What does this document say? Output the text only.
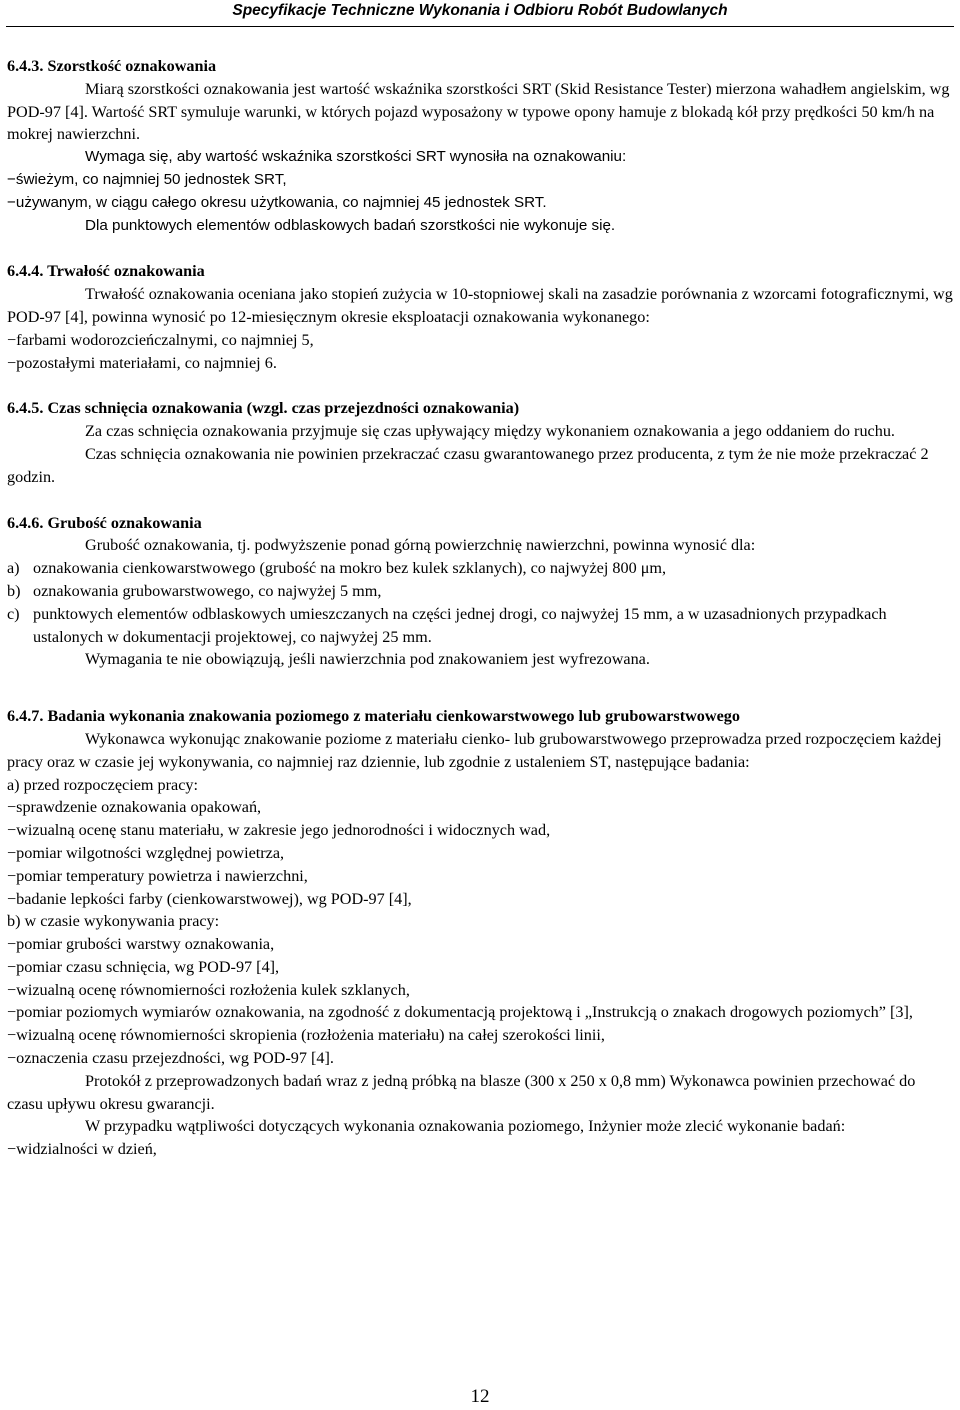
Specyfikacje Techniczne Wykonania i Odbioru Robót Budowlanych

6.4.3. Szorstkość oznakowania

Miarą szorstkości oznakowania jest wartość wskaźnika szorstkości SRT (Skid Resistance Tester) mierzona wahadłem angielskim, wg POD-97 [4]. Wartość SRT symuluje warunki, w których pojazd wyposażony w typowe opony hamuje z blokadą kół przy prędkości 50 km/h na mokrej nawierzchni.

Wymaga się, aby wartość wskaźnika szorstkości SRT wynosiła na oznakowaniu:

− świeżym, co najmniej 50 jednostek SRT,

− używanym, w ciągu całego okresu użytkowania, co najmniej 45 jednostek SRT.

Dla punktowych elementów odblaskowych badań szorstkości nie wykonuje się.

6.4.4. Trwałość oznakowania

Trwałość oznakowania oceniana jako stopień zużycia w 10-stopniowej skali na zasadzie porównania z wzorcami fotograficznymi, wg POD-97 [4], powinna wynosić po 12-miesięcznym okresie eksploatacji oznakowania wykonanego:

− farbami wodorozcieńczalnymi, co najmniej 5,

− pozostałymi materiałami, co najmniej 6.

6.4.5. Czas schnięcia oznakowania (wzgl. czas przejezdności oznakowania)

Za czas schnięcia oznakowania przyjmuje się czas upływający między wykonaniem oznakowania a jego oddaniem do ruchu.

Czas schnięcia oznakowania nie powinien przekraczać czasu gwarantowanego przez producenta, z tym że nie może przekraczać 2 godzin.

6.4.6. Grubość oznakowania

Grubość oznakowania, tj. podwyższenie ponad górną powierzchnię nawierzchni, powinna wynosić dla:

a) oznakowania cienkowarstwowego (grubość na mokro bez kulek szklanych), co najwyżej 800 μm,

b) oznakowania grubowarstwowego, co najwyżej 5 mm,

c) punktowych elementów odblaskowych umieszczanych na części jednej drogi, co najwyżej 15 mm, a w uzasadnionych przypadkach ustalonych w dokumentacji projektowej, co najwyżej 25 mm.

Wymagania te nie obowiązują, jeśli nawierzchnia pod znakowaniem jest wyfrezowana.

6.4.7. Badania wykonania znakowania poziomego z materiału cienkowarstwowego lub grubowarstwowego

Wykonawca wykonując znakowanie poziome z materiału cienko- lub grubowarstwowego przeprowadza przed rozpoczęciem każdej pracy oraz w czasie jej wykonywania, co najmniej raz dziennie, lub zgodnie z ustaleniem ST, następujące badania:

a) przed rozpoczęciem pracy:

− sprawdzenie oznakowania opakowań,

− wizualną ocenę stanu materiału, w zakresie jego jednorodności i widocznych wad,

− pomiar wilgotności względnej powietrza,

− pomiar temperatury powietrza i nawierzchni,

− badanie lepkości farby (cienkowarstwowej), wg POD-97 [4],

b) w czasie wykonywania pracy:

− pomiar grubości warstwy oznakowania,

− pomiar czasu schnięcia, wg POD-97 [4],

− wizualną ocenę równomierności rozłożenia kulek szklanych,

− pomiar poziomych wymiarów oznakowania, na zgodność z dokumentacją projektową i „Instrukcją o znakach drogowych poziomych” [3],

− wizualną ocenę równomierności skropienia (rozłożenia materiału) na całej szerokości linii,

− oznaczenia czasu przejezdności, wg POD-97 [4].

Protokół z przeprowadzonych badań wraz z jedną próbką na blasze (300 x 250 x 0,8 mm) Wykonawca powinien przechować do czasu upływu okresu gwarancji.

W przypadku wątpliwości dotyczących wykonania oznakowania poziomego, Inżynier może zlecić wykonanie badań:

− widzialności w dzień,

12
